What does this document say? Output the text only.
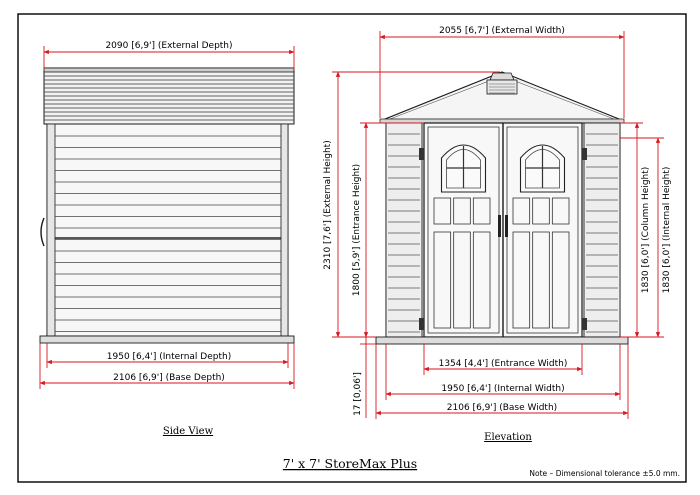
2090 [6,9'] (External Depth)
1950 [6,4'] (Internal Depth)
2106 [6,9'] (Base Depth)
Side View
2055 [6,7'] (External Width)
2310 [7,6'] (External Height) 1800 [5,9'] (Entrance Height)
17 [0,06']
1830 [6,0'] (Column Height) 1830 [6,0'] (Internal Height)
1354 [4,4'] (Entrance Width)
1950 [6,4'] (Internal Width)
2106 [6,9'] (Base Width)
Elevation
7' x 7' StoreMax Plus
Note – Dimensional tolerance ±5.0 mm.
